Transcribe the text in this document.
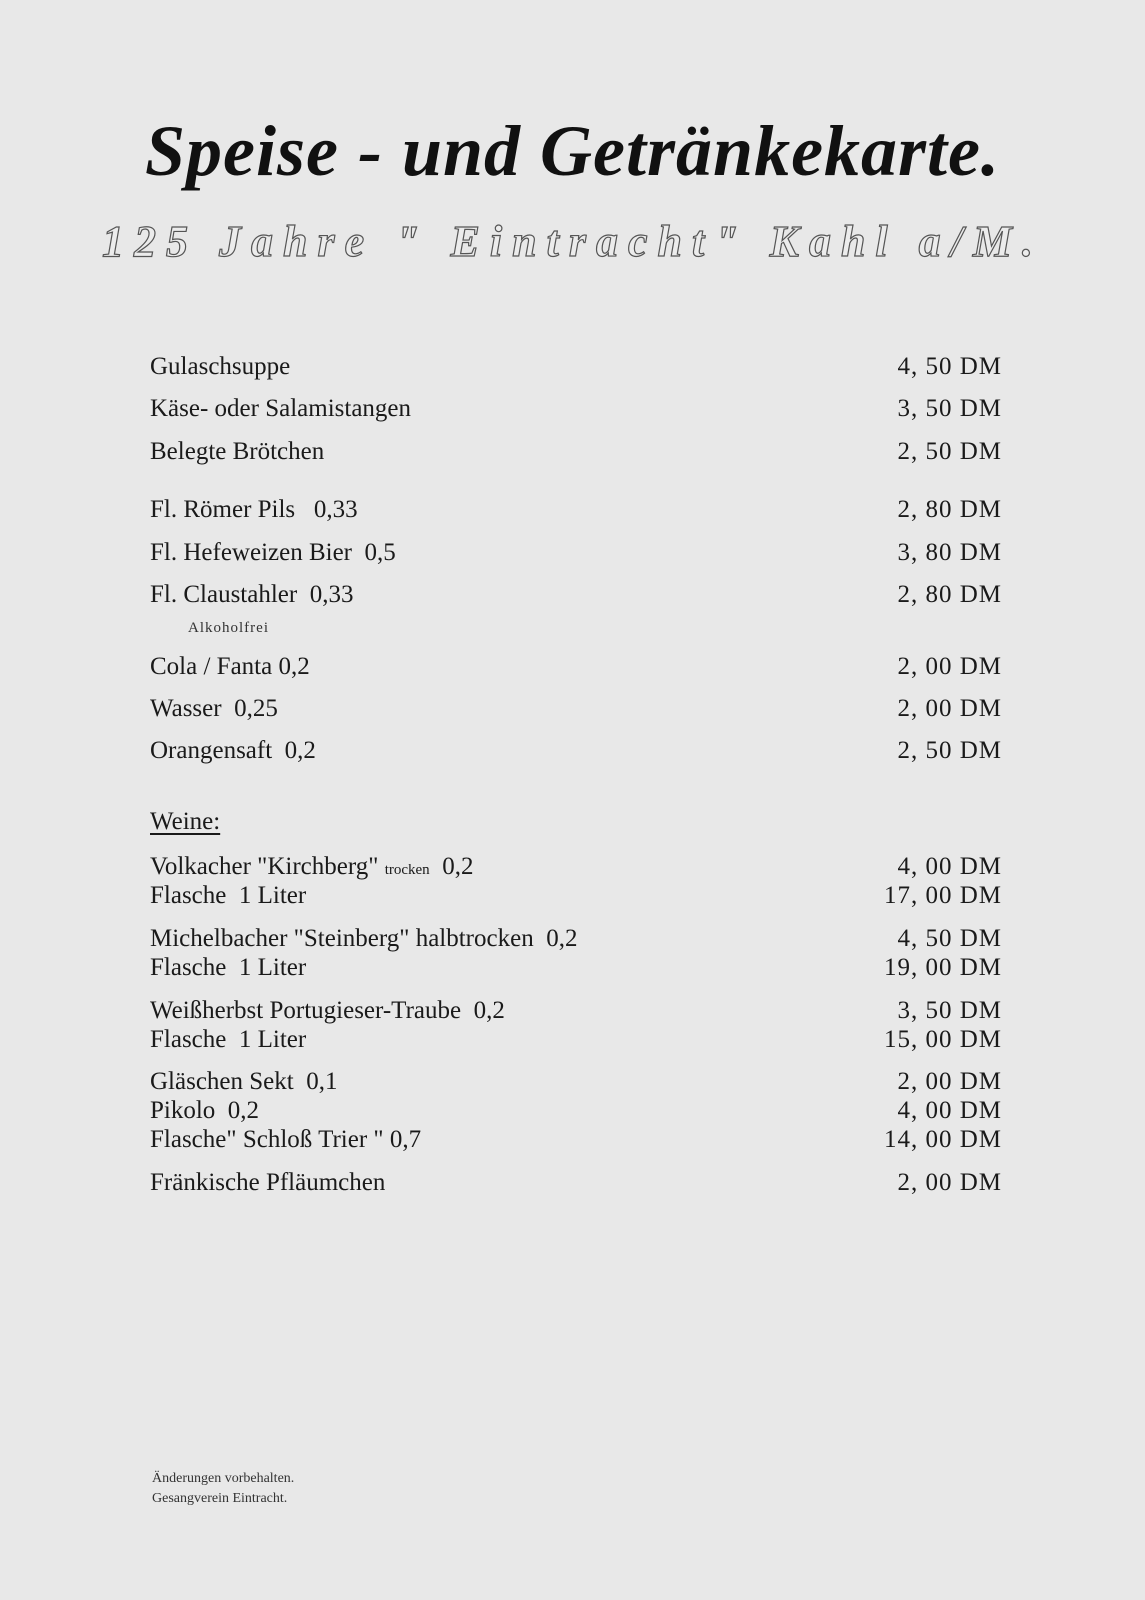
Speise - und Getränkekarte.
125 Jahre " Eintracht" Kahl a/M.
Gulaschsuppe	4, 50 DM
Käse- oder Salamistangen	3, 50 DM
Belegte Brötchen	2, 50 DM
Fl. Römer Pils   0,33	2, 80 DM
Fl. Hefeweizen Bier  0,5	3, 80 DM
Fl. Claustahler  0,33	2, 80 DM
Alkoholfrei
Cola / Fanta 0,2	2, 00 DM
Wasser  0,25	2, 00 DM
Orangensaft  0,2	2, 50 DM
Weine:
Volkacher "Kirchberg" trocken  0,2	4, 00 DM
Flasche  1 Liter	17, 00 DM
Michelbacher "Steinberg" halbtrocken  0,2	4, 50 DM
Flasche  1 Liter	19, 00 DM
Weißherbst Portugieser-Traube  0,2	3, 50 DM
Flasche  1 Liter	15, 00 DM
Gläschen Sekt  0,1	2, 00 DM
Pikolo  0,2	4, 00 DM
Flasche" Schloß Trier " 0,7	14, 00 DM
Fränkische Pfläumchen	2, 00 DM
Änderungen vorbehalten.
Gesangverein Eintracht.
